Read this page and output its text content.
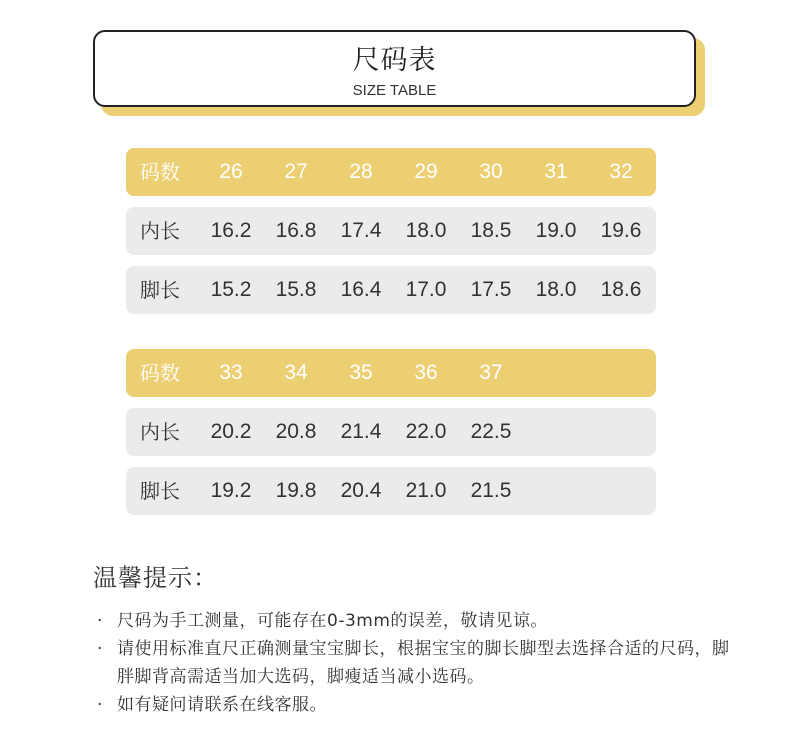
尺码表
SIZE TABLE
码数	26	27	28	29	30	31	32
内长	16.2	16.8	17.4	18.0	18.5	19.0	19.6
脚长	15.2	15.8	16.4	17.0	17.5	18.0	18.6
码数	33	34	35	36	37
内长	20.2	20.8	21.4	22.0	22.5
脚长	19.2	19.8	20.4	21.0	21.5
温馨提示：
· 尺码为手工测量，可能存在0-3mm的误差，敬请见谅。
· 请使用标准直尺正确测量宝宝脚长，根据宝宝的脚长脚型去选择合适的尺码，脚胖脚背高需适当加大选码，脚瘦适当减小选码。
· 如有疑问请联系在线客服。
